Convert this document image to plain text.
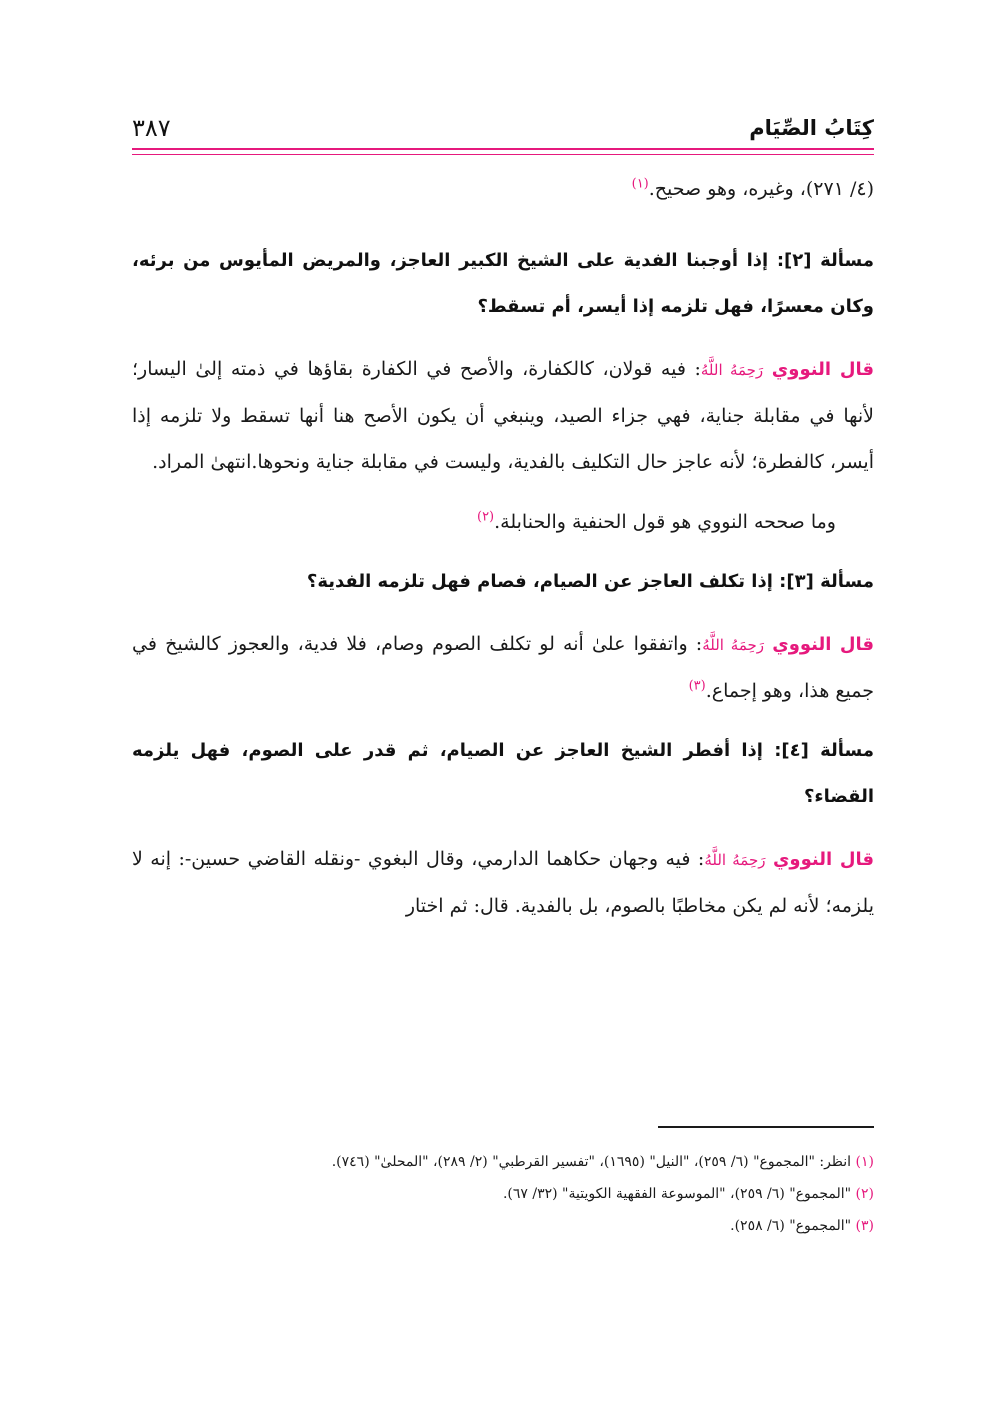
كِتَابُ الصِّيَام
٣٨٧

(٤/ ٢٧١)، وغيره، وهو صحيح.$^{(١)}$

مسألة [٢]: إذا أوجبنا الفدية على الشيخ الكبير العاجز، والمريض المأيوس من برئه، وكان معسرًا، فهل تلزمه إذا أيسر، أم تسقط؟

قال النووي رَحِمَهُ اللَّهُ: فيه قولان، كالكفارة، والأصح في الكفارة بقاؤها في ذمته إلىٰ اليسار؛ لأنها في مقابلة جناية، فهي جزاء الصيد، وينبغي أن يكون الأصح هنا أنها تسقط ولا تلزمه إذا أيسر، كالفطرة؛ لأنه عاجز حال التكليف بالفدية، وليست في مقابلة جناية ونحوها.انتهىٰ المراد.

وما صححه النووي هو قول الحنفية والحنابلة.$^{(٢)}$

مسألة [٣]: إذا تكلف العاجز عن الصيام، فصام فهل تلزمه الفدية؟

قال النووي رَحِمَهُ اللَّهُ: واتفقوا علىٰ أنه لو تكلف الصوم وصام، فلا فدية، والعجوز كالشيخ في جميع هذا، وهو إجماع.$^{(٣)}$

مسألة [٤]: إذا أفطر الشيخ العاجز عن الصيام، ثم قدر على الصوم، فهل يلزمه القضاء؟

قال النووي رَحِمَهُ اللَّهُ: فيه وجهان حكاهما الدارمي، وقال البغوي -ونقله القاضي حسين-: إنه لا يلزمه؛ لأنه لم يكن مخاطبًا بالصوم، بل بالفدية. قال: ثم اختار

(١) انظر: "المجموع" (٦/ ٢٥٩)، "النيل" (١٦٩٥)، "تفسير القرطبي" (٢/ ٢٨٩)، "المحلىٰ" (٧٤٦).

(٢) "المجموع" (٦/ ٢٥٩)، "الموسوعة الفقهية الكويتية" (٣٢/ ٦٧).

(٣) "المجموع" (٦/ ٢٥٨).
